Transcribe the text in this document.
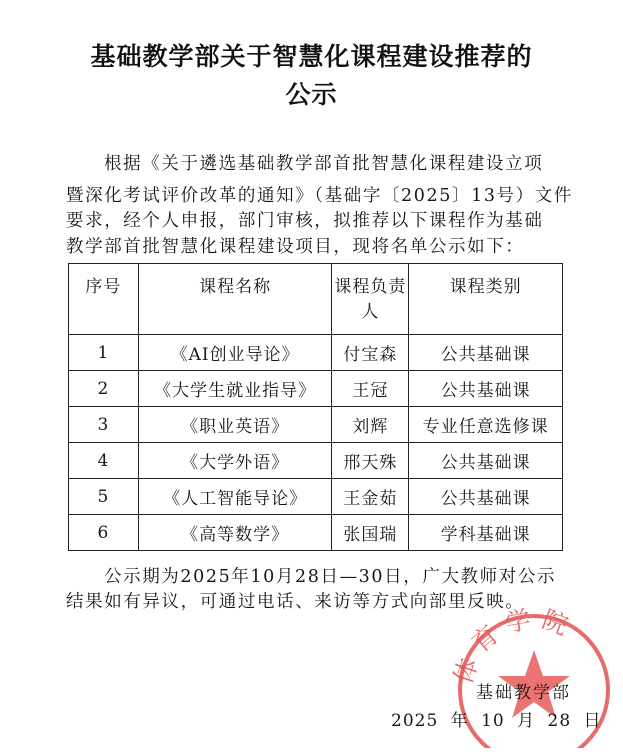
基础教学部关于智慧化课程建设推荐的
公示
根据《关于遴选基础教学部首批智慧化课程建设立项
暨深化考试评价改革的通知》（基础字〔2025〕13号）文件
要求，经个人申报，部门审核，拟推荐以下课程作为基础
教学部首批智慧化课程建设项目，现将名单公示如下：
序号	课程名称	课程负责人	课程类别
1	《AI创业导论》	付宝森	公共基础课
2	《大学生就业指导》	王冠	公共基础课
3	《职业英语》	刘辉	专业任意选修课
4	《大学外语》	邢天殊	公共基础课
5	《人工智能导论》	王金茹	公共基础课
6	《高等数学》	张国瑞	学科基础课
公示期为2025年10月28日—30日，广大教师对公示
结果如有异议，可通过电话、来访等方式向部里反映。
体育学院
基础教学部
2025 年 10 月 28 日
